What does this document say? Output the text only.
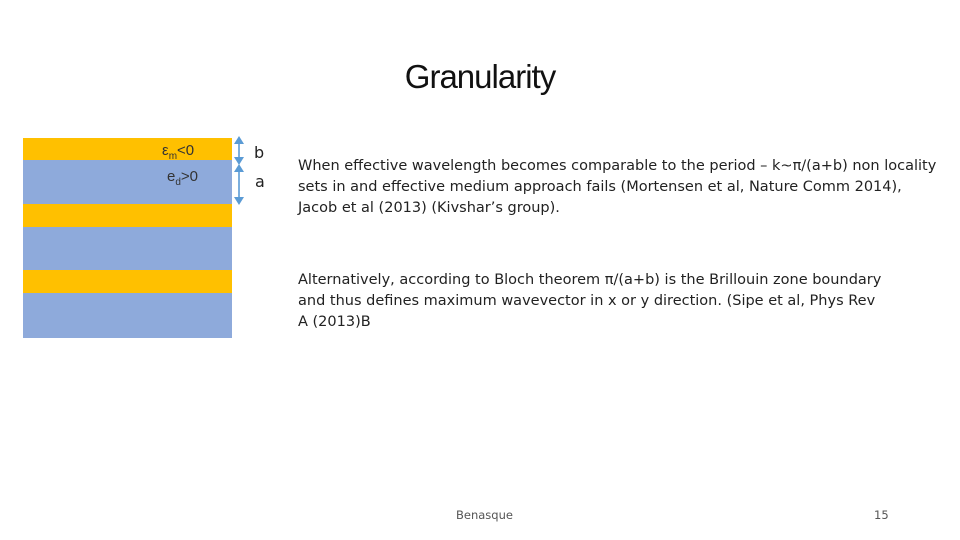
Granularity
$\varepsilon_m<0$
$e_d>0$
b
a
When effective wavelength becomes comparable to the period – k~π/(a+b) non locality
sets in and effective medium approach fails (Mortensen et al, Nature Comm 2014),
Jacob et al (2013) (Kivshar’s group).
Alternatively, according to Bloch theorem π/(a+b) is the Brillouin zone boundary
and thus defines maximum wavevector in x or y direction. (Sipe et al, Phys Rev
A (2013)B
Benasque	15
